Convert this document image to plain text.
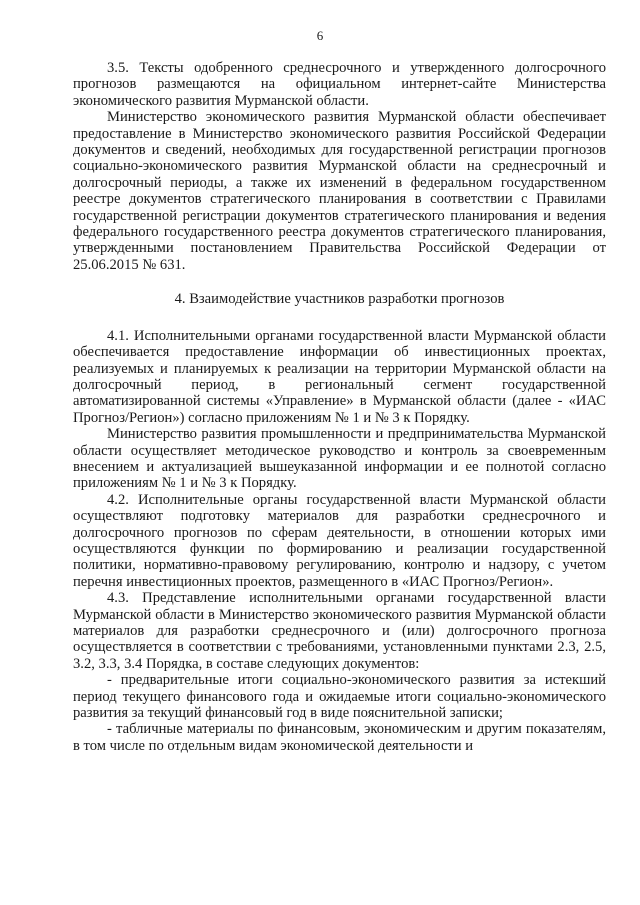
6

3.5. Тексты одобренного среднесрочного и утвержденного долгосрочного прогнозов размещаются на официальном интернет-сайте Министерства экономического развития Мурманской области.

Министерство экономического развития Мурманской области обеспечивает предоставление в Министерство экономического развития Российской Федерации документов и сведений, необходимых для государственной регистрации прогнозов социально-экономического развития Мурманской области на среднесрочный и долгосрочный периоды, а также их изменений в федеральном государственном реестре документов стратегического планирования в соответствии с Правилами государственной регистрации документов стратегического планирования и ведения федерального государственного реестра документов стратегического планирования, утвержденными постановлением Правительства Российской Федерации от 25.06.2015 № 631.

4. Взаимодействие участников разработки прогнозов

4.1. Исполнительными органами государственной власти Мурманской области обеспечивается предоставление информации об инвестиционных проектах, реализуемых и планируемых к реализации на территории Мурманской области на долгосрочный период, в региональный сегмент государственной автоматизированной системы «Управление» в Мурманской области (далее - «ИАС Прогноз/Регион») согласно приложениям № 1 и № 3 к Порядку.

Министерство развития промышленности и предпринимательства Мурманской области осуществляет методическое руководство и контроль за своевременным внесением и актуализацией вышеуказанной информации и ее полнотой согласно приложениям № 1 и № 3 к Порядку.

4.2. Исполнительные органы государственной власти Мурманской области осуществляют подготовку материалов для разработки среднесрочного и долгосрочного прогнозов по сферам деятельности, в отношении которых ими осуществляются функции по формированию и реализации государственной политики, нормативно-правовому регулированию, контролю и надзору, с учетом перечня инвестиционных проектов, размещенного в «ИАС Прогноз/Регион».

4.3. Представление исполнительными органами государственной власти Мурманской области в Министерство экономического развития Мурманской области материалов для разработки среднесрочного и (или) долгосрочного прогноза осуществляется в соответствии с требованиями, установленными пунктами 2.3, 2.5, 3.2, 3.3, 3.4 Порядка, в составе следующих документов:

- предварительные итоги социально-экономического развития за истекший период текущего финансового года и ожидаемые итоги социально-экономического развития за текущий финансовый год в виде пояснительной записки;

- табличные материалы по финансовым, экономическим и другим показателям, в том числе по отдельным видам экономической деятельности и
